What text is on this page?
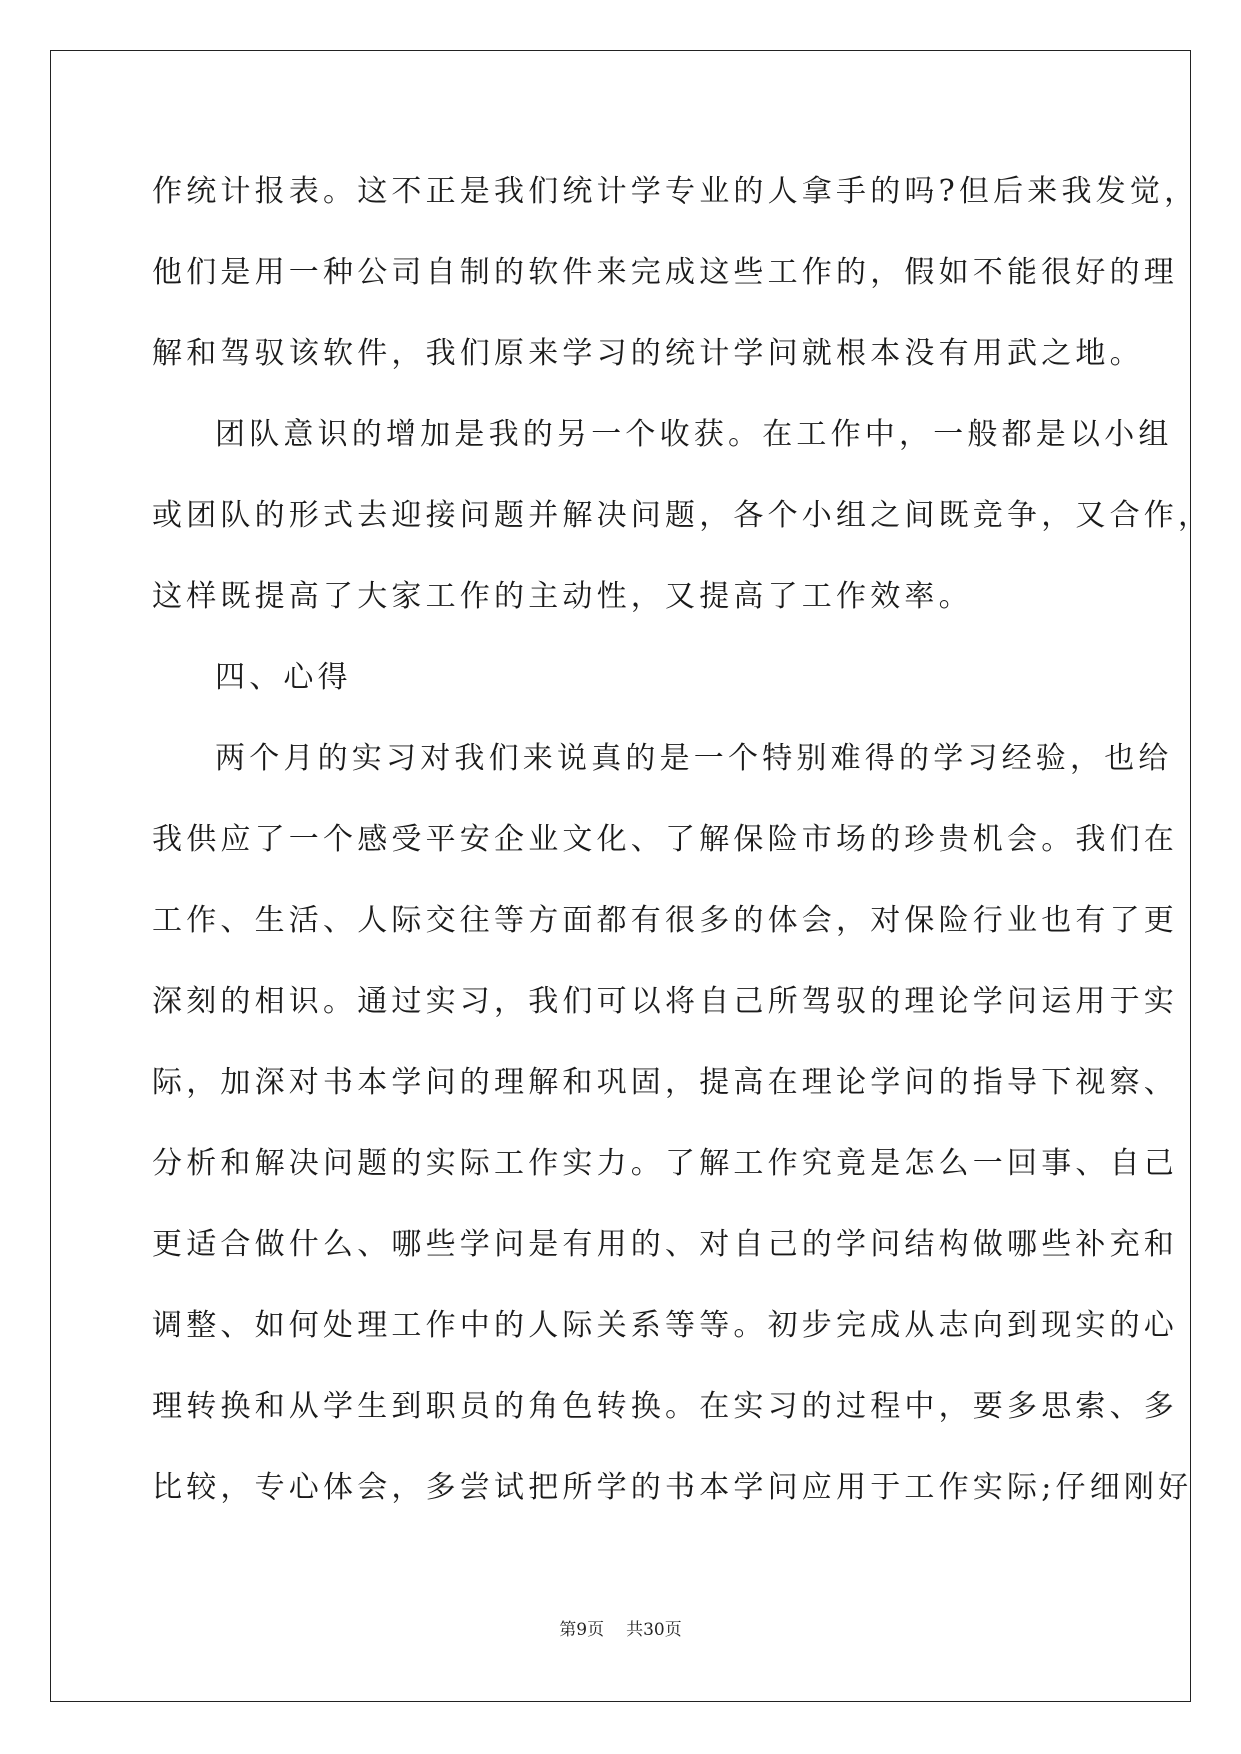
作统计报表。这不正是我们统计学专业的人拿手的吗?但后来我发觉，
他们是用一种公司自制的软件来完成这些工作的，假如不能很好的理
解和驾驭该软件，我们原来学习的统计学问就根本没有用武之地。
团队意识的增加是我的另一个收获。在工作中，一般都是以小组
或团队的形式去迎接问题并解决问题，各个小组之间既竞争，又合作，
这样既提高了大家工作的主动性，又提高了工作效率。
四、心得
两个月的实习对我们来说真的是一个特别难得的学习经验，也给
我供应了一个感受平安企业文化、了解保险市场的珍贵机会。我们在
工作、生活、人际交往等方面都有很多的体会，对保险行业也有了更
深刻的相识。通过实习，我们可以将自己所驾驭的理论学问运用于实
际，加深对书本学问的理解和巩固，提高在理论学问的指导下视察、
分析和解决问题的实际工作实力。了解工作究竟是怎么一回事、自己
更适合做什么、哪些学问是有用的、对自己的学问结构做哪些补充和
调整、如何处理工作中的人际关系等等。初步完成从志向到现实的心
理转换和从学生到职员的角色转换。在实习的过程中，要多思索、多
比较，专心体会，多尝试把所学的书本学问应用于工作实际;仔细刚好
第9页 共30页
